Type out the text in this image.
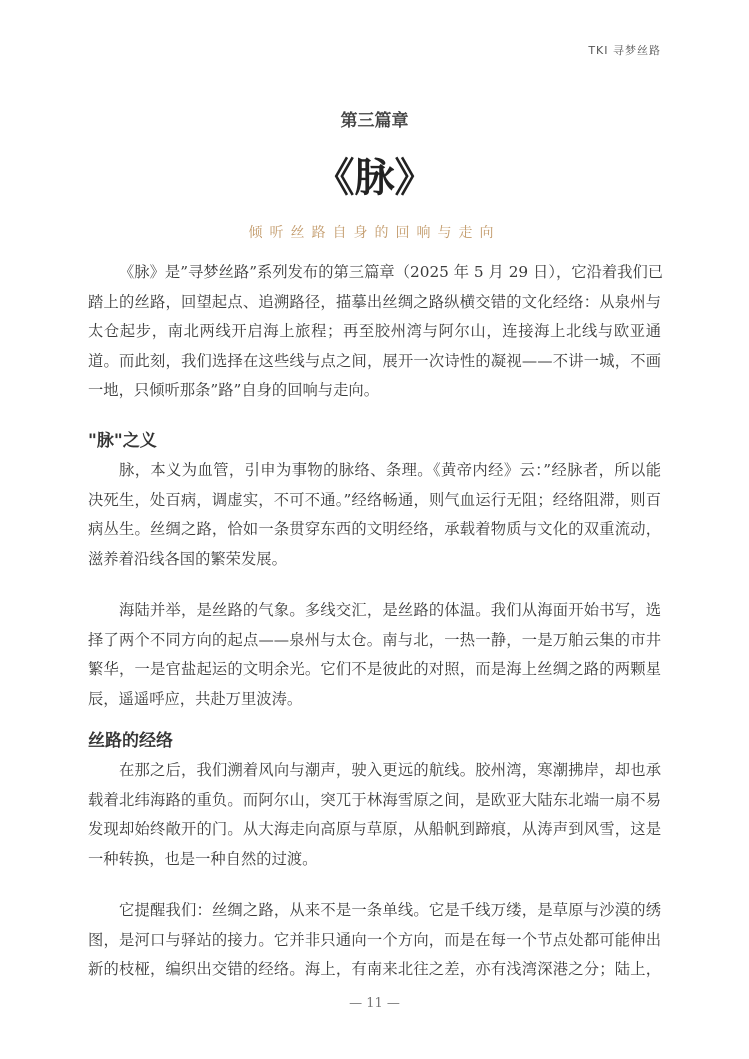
TKI 寻梦丝路
第三篇章
《脉》
倾听丝路自身的回响与走向
《脉》是”寻梦丝路”系列发布的第三篇章（2025 年 5 月 29 日），它沿着我们已
踏上的丝路，回望起点、追溯路径，描摹出丝绸之路纵横交错的文化经络：从泉州与
太仓起步，南北两线开启海上旅程；再至胶州湾与阿尔山，连接海上北线与欧亚通
道。而此刻，我们选择在这些线与点之间，展开一次诗性的凝视——不讲一城，不画
一地，只倾听那条”路”自身的回响与走向。
"脉"之义
脉，本义为血管，引申为事物的脉络、条理。《黄帝内经》云：”经脉者，所以能
决死生，处百病，调虚实，不可不通。”经络畅通，则气血运行无阻；经络阻滞，则百
病丛生。丝绸之路，恰如一条贯穿东西的文明经络，承载着物质与文化的双重流动，
滋养着沿线各国的繁荣发展。
海陆并举，是丝路的气象。多线交汇，是丝路的体温。我们从海面开始书写，选
择了两个不同方向的起点——泉州与太仓。南与北，一热一静，一是万舶云集的市井
繁华，一是官盐起运的文明余光。它们不是彼此的对照，而是海上丝绸之路的两颗星
辰，遥遥呼应，共赴万里波涛。
丝路的经络
在那之后，我们溯着风向与潮声，驶入更远的航线。胶州湾，寒潮拂岸，却也承
载着北纬海路的重负。而阿尔山，突兀于林海雪原之间，是欧亚大陆东北端一扇不易
发现却始终敞开的门。从大海走向高原与草原，从船帆到蹄痕，从涛声到风雪，这是
一种转换，也是一种自然的过渡。
它提醒我们：丝绸之路，从来不是一条单线。它是千线万缕，是草原与沙漠的绣
图，是河口与驿站的接力。它并非只通向一个方向，而是在每一个节点处都可能伸出
新的枝桠，编织出交错的经络。海上，有南来北往之差，亦有浅湾深港之分；陆上，
— 11 —
